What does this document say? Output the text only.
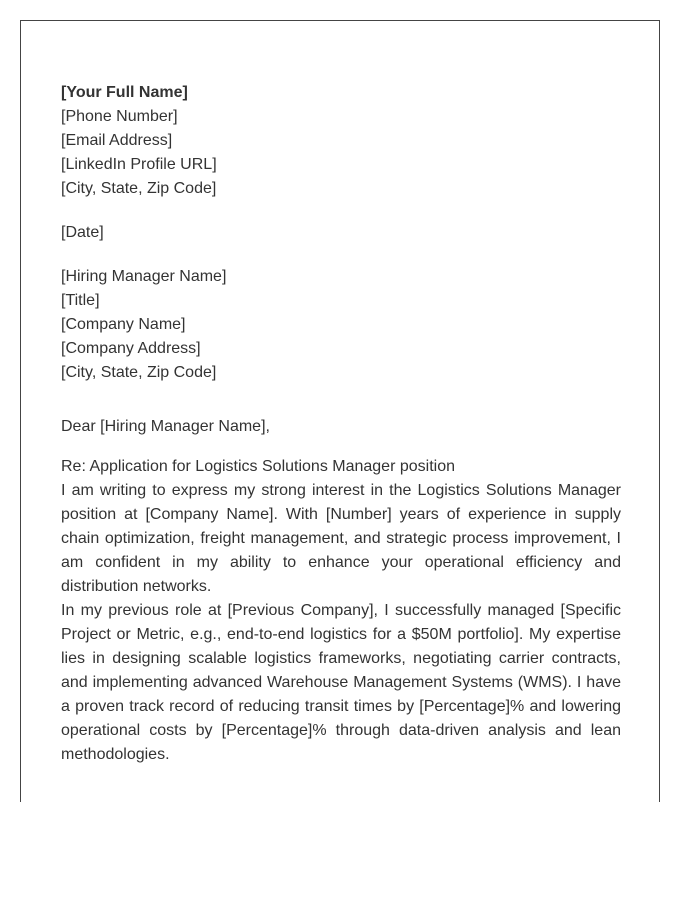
[Your Full Name]
[Phone Number]
[Email Address]
[LinkedIn Profile URL]
[City, State, Zip Code]
[Date]
[Hiring Manager Name]
[Title]
[Company Name]
[Company Address]
[City, State, Zip Code]
Dear [Hiring Manager Name],
Re: Application for Logistics Solutions Manager position

I am writing to express my strong interest in the Logistics Solutions Manager position at [Company Name]. With [Number] years of experience in supply chain optimization, freight management, and strategic process improvement, I am confident in my ability to enhance your operational efficiency and distribution networks.

In my previous role at [Previous Company], I successfully managed [Specific Project or Metric, e.g., end-to-end logistics for a $50M portfolio]. My expertise lies in designing scalable logistics frameworks, negotiating carrier contracts, and implementing advanced Warehouse Management Systems (WMS). I have a proven track record of reducing transit times by [Percentage]% and lowering operational costs by [Percentage]% through data-driven analysis and lean methodologies.
